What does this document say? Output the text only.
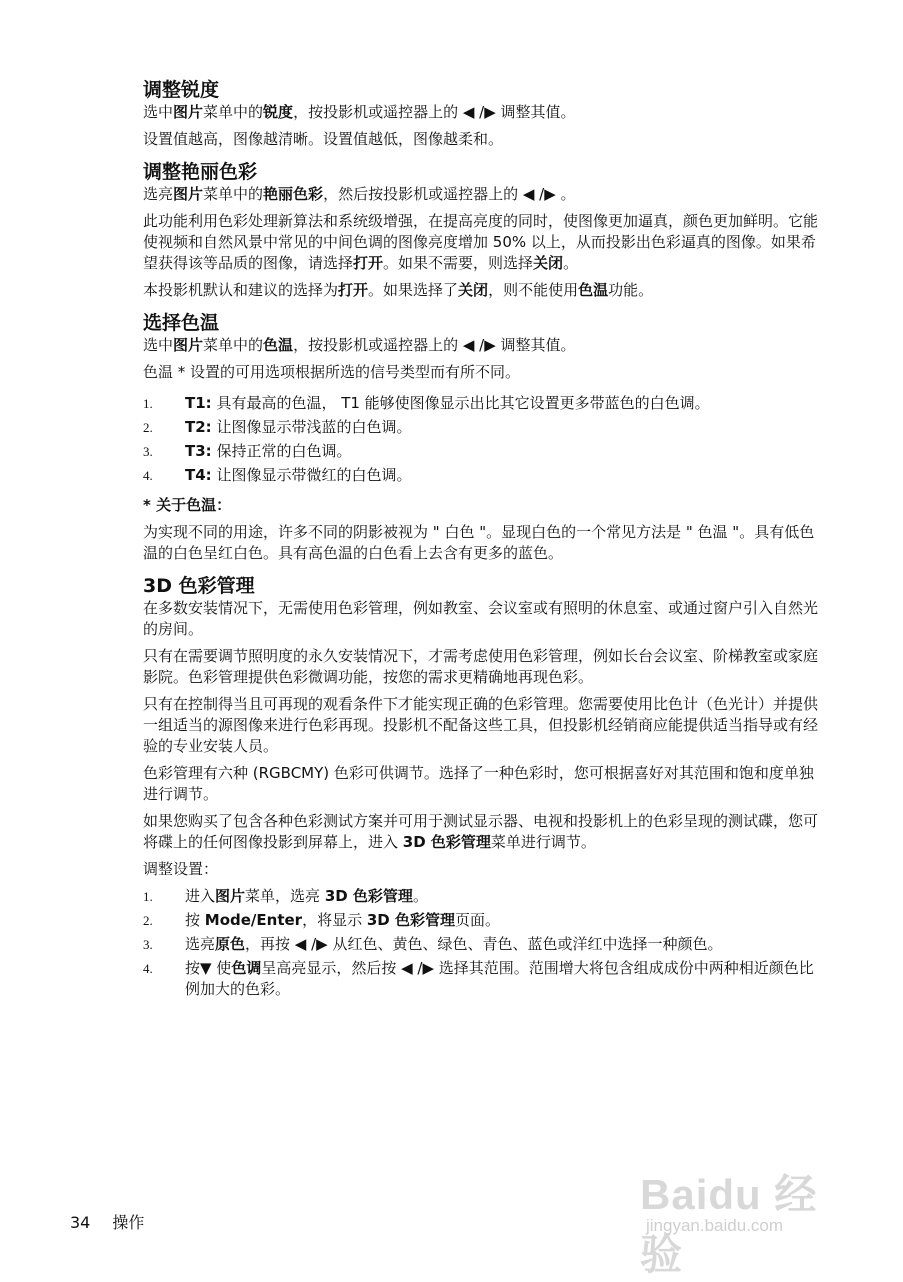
调整锐度

选中图片菜单中的锐度，按投影机或遥控器上的 ◀ /▶ 调整其值。

设置值越高，图像越清晰。设置值越低，图像越柔和。

调整艳丽色彩

选亮图片菜单中的艳丽色彩，然后按投影机或遥控器上的 ◀ /▶ 。

此功能利用色彩处理新算法和系统级增强，在提高亮度的同时，使图像更加逼真，颜色更加鲜明。它能使视频和自然风景中常见的中间色调的图像亮度增加 50% 以上，从而投影出色彩逼真的图像。如果希望获得该等品质的图像，请选择打开。如果不需要，则选择关闭。

本投影机默认和建议的选择为打开。如果选择了关闭，则不能使用色温功能。

选择色温

选中图片菜单中的色温，按投影机或遥控器上的 ◀ /▶ 调整其值。

色温 * 设置的可用选项根据所选的信号类型而有所不同。

1. T1: 具有最高的色温， T1 能够使图像显示出比其它设置更多带蓝色的白色调。
2. T2: 让图像显示带浅蓝的白色调。
3. T3: 保持正常的白色调。
4. T4: 让图像显示带微红的白色调。

* 关于色温：

为实现不同的用途，许多不同的阴影被视为 " 白色 "。显现白色的一个常见方法是 " 色温 "。具有低色温的白色呈红白色。具有高色温的白色看上去含有更多的蓝色。

3D 色彩管理

在多数安装情况下，无需使用色彩管理，例如教室、会议室或有照明的休息室、或通过窗户引入自然光的房间。

只有在需要调节照明度的永久安装情况下，才需考虑使用色彩管理，例如长台会议室、阶梯教室或家庭影院。色彩管理提供色彩微调功能，按您的需求更精确地再现色彩。

只有在控制得当且可再现的观看条件下才能实现正确的色彩管理。您需要使用比色计（色光计）并提供一组适当的源图像来进行色彩再现。投影机不配备这些工具，但投影机经销商应能提供适当指导或有经验的专业安装人员。

色彩管理有六种 (RGBCMY) 色彩可供调节。选择了一种色彩时，您可根据喜好对其范围和饱和度单独进行调节。

如果您购买了包含各种色彩测试方案并可用于测试显示器、电视和投影机上的色彩呈现的测试碟，您可将碟上的任何图像投影到屏幕上，进入 3D 色彩管理菜单进行调节。

调整设置：

1. 进入图片菜单，选亮 3D 色彩管理。
2. 按 Mode/Enter，将显示 3D 色彩管理页面。
3. 选亮原色，再按 ◀ /▶ 从红色、黄色、绿色、青色、蓝色或洋红中选择一种颜色。
4. 按▼ 使色调呈高亮显示，然后按 ◀ /▶ 选择其范围。范围增大将包含组成成份中两种相近颜色比例加大的色彩。
34 操作
Baidu 经验
jingyan.baidu.com
